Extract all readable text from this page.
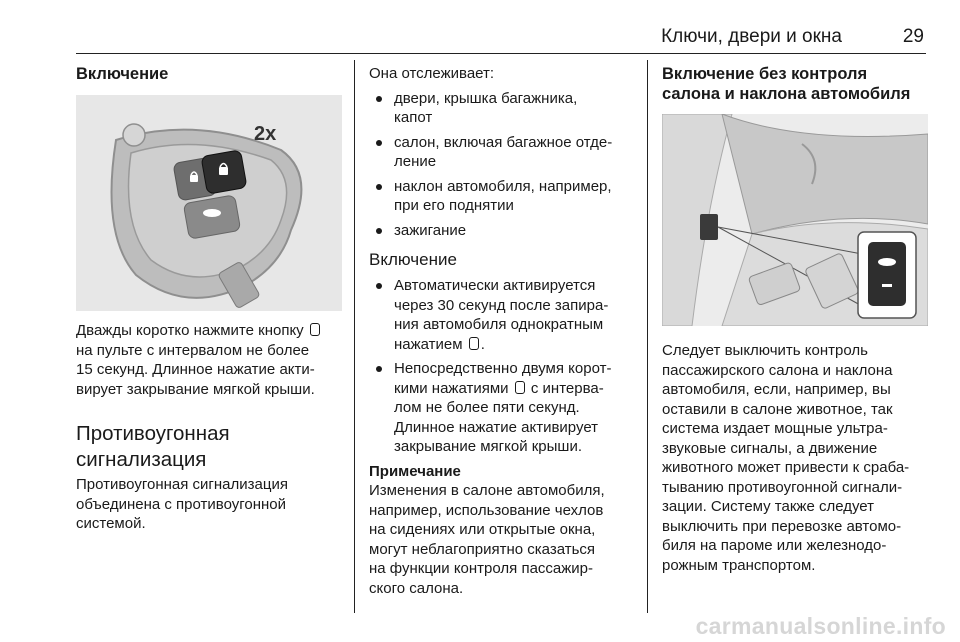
Ключи, двери и окна	29
Включение
2x

Дважды коротко нажмите кнопку
на пульте с интервалом не более
15 секунд. Длинное нажатие акти-
вирует закрывание мягкой крыши.

Противоугонная
сигнализация

Противоугонная сигнализация
объединена с противоугонной
системой.

Она отслеживает:

двери, крышка багажника,
капот
салон, включая багажное отде-
ление
наклон автомобиля, например,
при его поднятии
зажигание
Включение
Автоматически активируется
через 30 секунд после запира-
ния автомобиля однократным
нажатием .
Непосредственно двумя корот-
кими нажатиями с интерва-
лом не более пяти секунд.
Длинное нажатие активирует
закрывание мягкой крыши.
Примечание

Изменения в салоне автомобиля,
например, использование чехлов
на сидениях или открытые окна,
могут неблагоприятно сказаться
на функции контроля пассажир-
ского салона.

Включение без контроля
салона и наклона автомобиля

Следует выключить контроль
пассажирского салона и наклона
автомобиля, если, например, вы
оставили в салоне животное, так
система издает мощные ультра-
звуковые сигналы, а движение
животного может привести к сраба-
тыванию противоугонной сигнали-
зации. Систему также следует
выключить при перевозке автомо-
биля на пароме или железнодо-
рожным транспортом.

carmanualsonline.info
